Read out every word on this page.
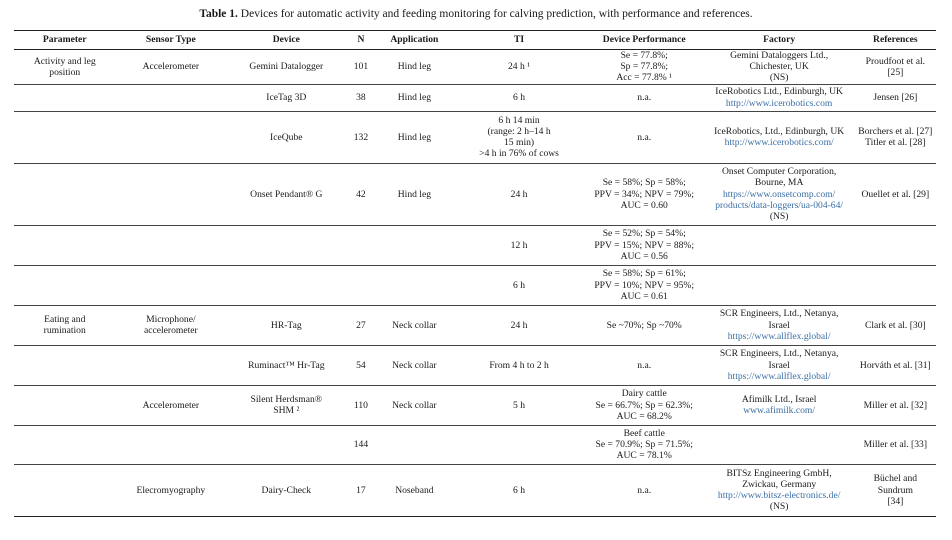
Table 1. Devices for automatic activity and feeding monitoring for calving prediction, with performance and references.
Parameter	Sensor Type	Device	N	Application	TI	Device Performance	Factory	References

Activity and leg
position	Accelerometer	Gemini Datalogger	101	Hind leg	24 h ¹	Se = 77.8%;
Sp = 77.8%;
Acc = 77.8% ¹	Gemini Dataloggers Ltd.,
Chichester, UK
(NS)	Proudfoot et al. [25]

		IceTag 3D	38	Hind leg	6 h	n.a.	IceRobotics Ltd., Edinburgh, UK
http://www.icerobotics.com	Jensen [26]

		IceQube	132	Hind leg	6 h 14 min
(range: 2 h–14 h
15 min)
>4 h in 76% of cows	n.a.	IceRobotics, Ltd., Edinburgh, UK
http://www.icerobotics.com/	Borchers et al. [27]
Titler et al. [28]

		Onset Pendant® G	42	Hind leg	24 h	Se = 58%; Sp = 58%;
PPV = 34%; NPV = 79%;
AUC = 0.60	Onset Computer Corporation,
Bourne, MA
https://www.onsetcomp.com/
products/data-loggers/ua-004-64/
(NS)	Ouellet et al. [29]

					12 h	Se = 52%; Sp = 54%;
PPV = 15%; NPV = 88%;
AUC = 0.56		

					6 h	Se = 58%; Sp = 61%;
PPV = 10%; NPV = 95%;
AUC = 0.61		

Eating and
rumination	Microphone/
accelerometer	HR-Tag	27	Neck collar	24 h	Se ~70%; Sp ~70%	SCR Engineers, Ltd., Netanya,
Israel
https://www.allflex.global/	Clark et al. [30]

		Ruminact™ Hr-Tag	54	Neck collar	From 4 h to 2 h	n.a.	SCR Engineers, Ltd., Netanya,
Israel
https://www.allflex.global/	Horváth et al. [31]

	Accelerometer	Silent Herdsman®
SHM ²	110	Neck collar	5 h	Dairy cattle
Se = 66.7%; Sp = 62.3%;
AUC = 68.2%	Afimilk Ltd., Israel
www.afimilk.com/	Miller et al. [32]

			144			Beef cattle
Se = 70.9%; Sp = 71.5%;
AUC = 78.1%		Miller et al. [33]

	Elecromyography	Dairy-Check	17	Noseband	6 h	n.a.	BITSz Engineering GmbH,
Zwickau, Germany
http://www.bitsz-electronics.de/
(NS)	Büchel and Sundrum
[34]
